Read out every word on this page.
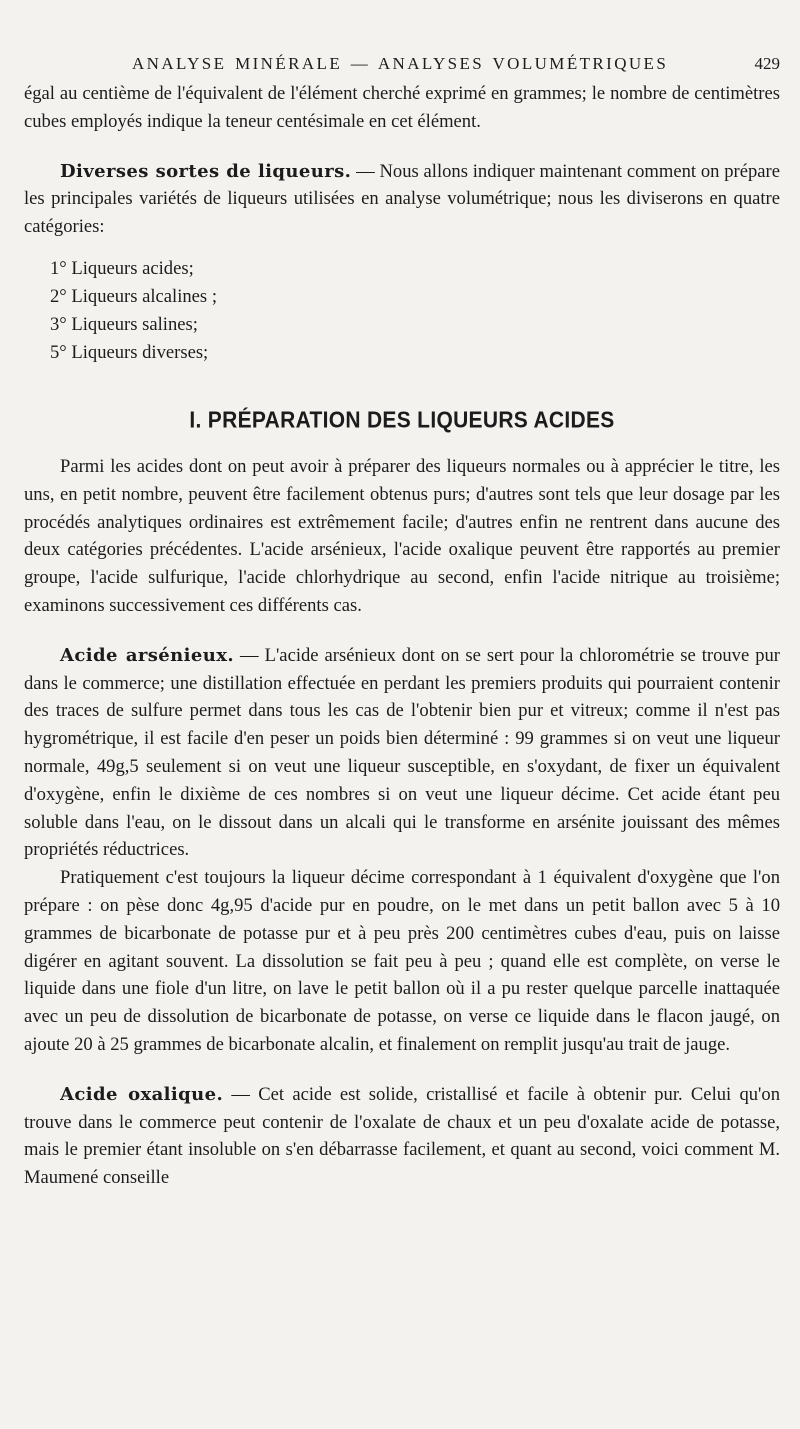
ANALYSE MINÉRALE — ANALYSES VOLUMÉTRIQUES	429

égal au centième de l'équivalent de l'élément cherché exprimé en grammes; le nombre de centimètres cubes employés indique la teneur centésimale en cet élément.

Diverses sortes de liqueurs. — Nous allons indiquer maintenant comment on prépare les principales variétés de liqueurs utilisées en analyse volumétrique; nous les diviserons en quatre catégories:

1° Liqueurs acides;
2° Liqueurs alcalines ;
3° Liqueurs salines;
5° Liqueurs diverses;
I. PRÉPARATION DES LIQUEURS ACIDES

Parmi les acides dont on peut avoir à préparer des liqueurs normales ou à apprécier le titre, les uns, en petit nombre, peuvent être facilement obtenus purs; d'autres sont tels que leur dosage par les procédés analytiques ordinaires est extrêmement facile; d'autres enfin ne rentrent dans aucune des deux catégories précédentes. L'acide arsénieux, l'acide oxalique peuvent être rapportés au premier groupe, l'acide sulfurique, l'acide chlorhydrique au second, enfin l'acide nitrique au troisième; examinons successivement ces différents cas.

Acide arsénieux. — L'acide arsénieux dont on se sert pour la chlorométrie se trouve pur dans le commerce; une distillation effectuée en perdant les premiers produits qui pourraient contenir des traces de sulfure permet dans tous les cas de l'obtenir bien pur et vitreux; comme il n'est pas hygrométrique, il est facile d'en peser un poids bien déterminé : 99 grammes si on veut une liqueur normale, 49g,5 seulement si on veut une liqueur susceptible, en s'oxydant, de fixer un équivalent d'oxygène, enfin le dixième de ces nombres si on veut une liqueur décime. Cet acide étant peu soluble dans l'eau, on le dissout dans un alcali qui le transforme en arsénite jouissant des mêmes propriétés réductrices.

Pratiquement c'est toujours la liqueur décime correspondant à 1 équivalent d'oxygène que l'on prépare : on pèse donc 4g,95 d'acide pur en poudre, on le met dans un petit ballon avec 5 à 10 grammes de bicarbonate de potasse pur et à peu près 200 centimètres cubes d'eau, puis on laisse digérer en agitant souvent. La dissolution se fait peu à peu ; quand elle est complète, on verse le liquide dans une fiole d'un litre, on lave le petit ballon où il a pu rester quelque parcelle inattaquée avec un peu de dissolution de bicarbonate de potasse, on verse ce liquide dans le flacon jaugé, on ajoute 20 à 25 grammes de bicarbonate alcalin, et finalement on remplit jusqu'au trait de jauge.

Acide oxalique. — Cet acide est solide, cristallisé et facile à obtenir pur. Celui qu'on trouve dans le commerce peut contenir de l'oxalate de chaux et un peu d'oxalate acide de potasse, mais le premier étant insoluble on s'en débarrasse facilement, et quant au second, voici comment M. Maumené conseille
